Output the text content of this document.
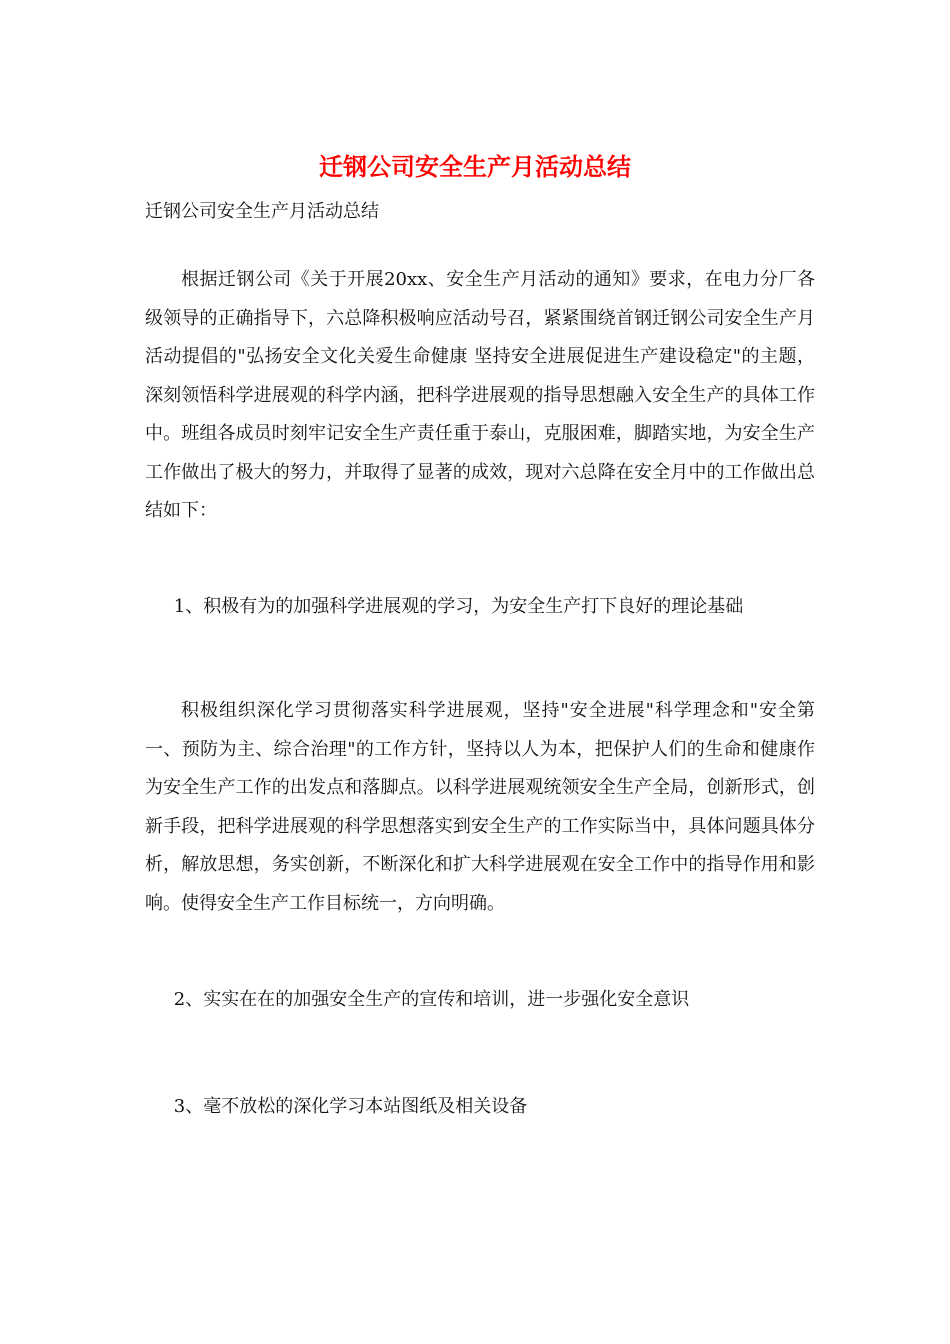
迁钢公司安全生产月活动总结

迁钢公司安全生产月活动总结

根据迁钢公司《关于开展20xx、安全生产月活动的通知》要求，在电力分厂各级领导的正确指导下，六总降积极响应活动号召，紧紧围绕首钢迁钢公司安全生产月活动提倡的"弘扬安全文化关爱生命健康 坚持安全进展促进生产建设稳定"的主题，深刻领悟科学进展观的科学内涵，把科学进展观的指导思想融入安全生产的具体工作中。班组各成员时刻牢记安全生产责任重于泰山，克服困难，脚踏实地，为安全生产工作做出了极大的努力，并取得了显著的成效，现对六总降在安全月中的工作做出总结如下：

1、积极有为的加强科学进展观的学习，为安全生产打下良好的理论基础

积极组织深化学习贯彻落实科学进展观，坚持"安全进展"科学理念和"安全第一、预防为主、综合治理"的工作方针，坚持以人为本，把保护人们的生命和健康作为安全生产工作的出发点和落脚点。以科学进展观统领安全生产全局，创新形式，创新手段，把科学进展观的科学思想落实到安全生产的工作实际当中，具体问题具体分析，解放思想，务实创新，不断深化和扩大科学进展观在安全工作中的指导作用和影响。使得安全生产工作目标统一，方向明确。

2、实实在在的加强安全生产的宣传和培训，进一步强化安全意识

3、毫不放松的深化学习本站图纸及相关设备
